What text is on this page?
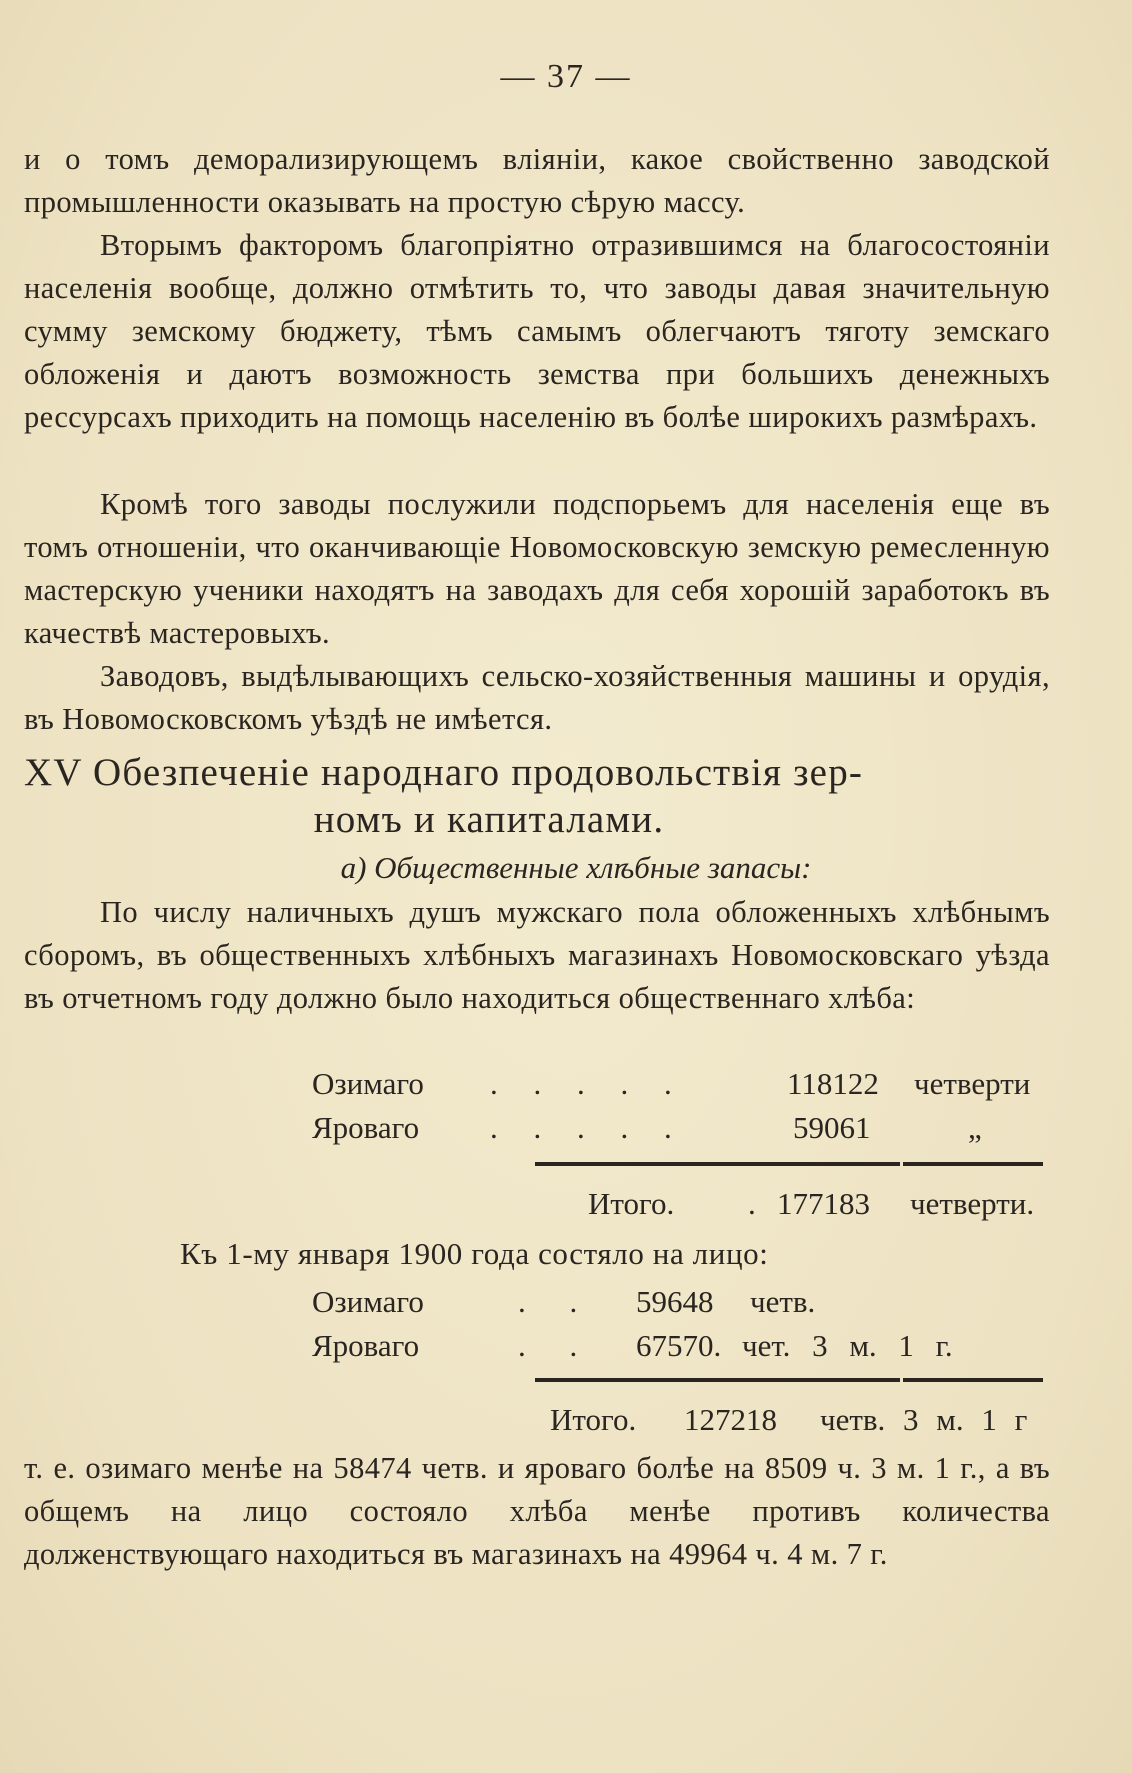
— 37 —
и о томъ деморализирующемъ вліяніи, какое свойственно заводской промышленности оказывать на простую сѣрую массу.
Вторымъ факторомъ благопріятно отразившимся на благосостояніи населенія вообще, должно отмѣтить то, что заводы давая значительную сумму земскому бюджету, тѣмъ самымъ облегчаютъ тяготу земскаго обложенія и даютъ возможность земства при большихъ денежныхъ рессурсахъ приходить на помощь населенію въ болѣе широкихъ размѣрахъ.
Кромѣ того заводы послужили подспорьемъ для населенія еще въ томъ отношеніи, что оканчивающіе Новомосковскую земскую ремесленную мастерскую ученики находятъ на заводахъ для себя хорошій заработокъ въ качествѣ мастеровыхъ.
Заводовъ, выдѣлывающихъ сельско-хозяйственныя машины и орудія, въ Новомосковскомъ уѣздѣ не имѣется.
XV Обезпеченіе народнаго продовольствія зер-
номъ и капиталами.
а) Общественные хлѣбные запасы:
По числу наличныхъ душъ мужскаго пола обложенныхъ хлѣбнымъ сборомъ, въ общественныхъ хлѣбныхъ магазинахъ Новомосковскаго уѣзда въ отчетномъ году должно было находиться общественнаго хлѣба:
Озимаго . . . . .	118122 четверти
Яроваго . . . . .	59061	„
Итого. . 177183 четверти.
Къ 1-му января 1900 года состяло на лицо:
Озимаго	. . 59648 четв.
Яроваго	. . 67570. чет. 3 м. 1 г.
Итого. 127218 четв. 3 м. 1 г
т. е. озимаго менѣе на 58474 четв. и яроваго болѣе на 8509 ч. 3 м. 1 г., а въ общемъ на лицо состояло хлѣба менѣе противъ количества долженствующаго находиться въ магазинахъ на 49964 ч. 4 м. 7 г.
